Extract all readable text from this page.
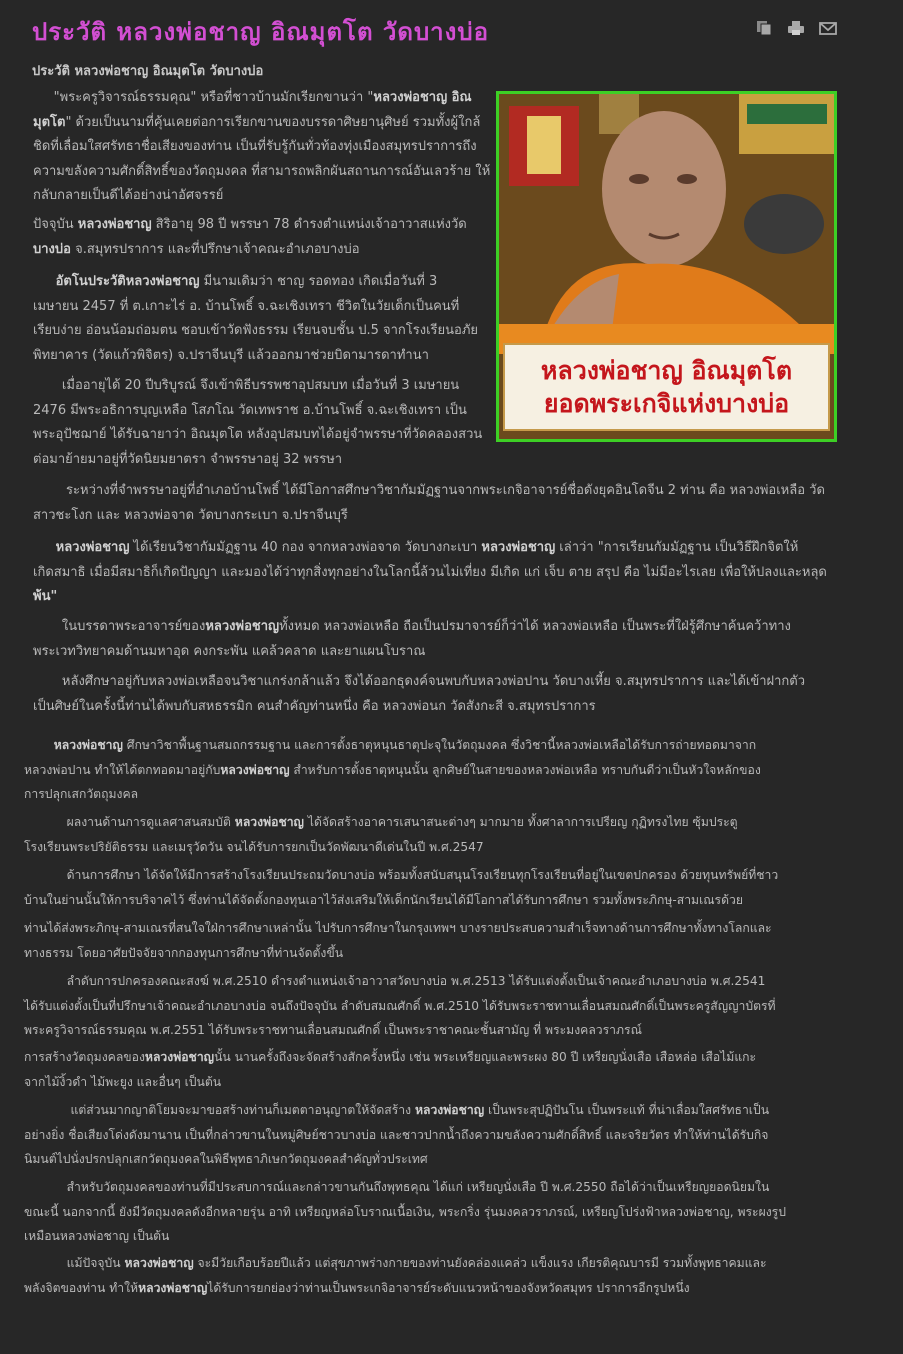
ประวัติ หลวงพ่อชาญ อิณมุตโต วัดบางบ่อ
ประวัติ หลวงพ่อชาญ อิณมุตโต วัดบางบ่อ
หลวงพ่อชาญ อิณมุตโต
ยอดพระเกจิแห่งบางบ่อ
"พระครูวิจารณ์ธรรมคุณ" หรือที่ชาวบ้านมักเรียกขานว่า "หลวงพ่อชาญ อิณ
มุตโต" ด้วยเป็นนามที่คุ้นเคยต่อการเรียกขานของบรรดาศิษยานุศิษย์ รวมทั้งผู้ใกล้
ชิดที่เลื่อมใสศรัทธาชื่อเสียงของท่าน เป็นที่รับรู้กันทั่วท้องทุ่งเมืองสมุทรปราการถึง
ความขลังความศักดิ์สิทธิ์ของวัตถุมงคล ที่สามารถพลิกผันสถานการณ์อันเลวร้าย ให้
กลับกลายเป็นดีได้อย่างน่าอัศจรรย์
ปัจจุบัน หลวงพ่อชาญ สิริอายุ 98 ปี พรรษา 78 ดำรงตำแหน่งเจ้าอาวาสแห่งวัด
บางบ่อ จ.สมุทรปราการ และที่ปรึกษาเจ้าคณะอำเภอบางบ่อ
อัตโนประวัติหลวงพ่อชาญ มีนามเดิมว่า ชาญ รอดทอง เกิดเมื่อวันที่ 3
เมษายน 2457 ที่ ต.เกาะไร่ อ. บ้านโพธิ์ จ.ฉะเชิงเทรา ชีวิตในวัยเด็กเป็นคนที่
เรียบง่าย อ่อนน้อมถ่อมตน ชอบเข้าวัดฟังธรรม เรียนจบชั้น ป.5 จากโรงเรียนอภัย
พิทยาคาร (วัดแก้วพิจิตร) จ.ปราจีนบุรี แล้วออกมาช่วยบิดามารดาทำนา
เมื่ออายุได้ 20 ปีบริบูรณ์ จึงเข้าพิธีบรรพชาอุปสมบท เมื่อวันที่ 3 เมษายน
2476 มีพระอธิการบุญเหลือ โสภโณ วัดเทพราช อ.บ้านโพธิ์ จ.ฉะเชิงเทรา เป็น
พระอุปัชฌาย์ ได้รับฉายาว่า อิณมุตโต หลังอุปสมบทได้อยู่จำพรรษาที่วัดคลองสวน
ต่อมาย้ายมาอยู่ที่วัดนิยมยาตรา จำพรรษาอยู่ 32 พรรษา
ระหว่างที่จำพรรษาอยู่ที่อำเภอบ้านโพธิ์ ได้มีโอกาสศึกษาวิชากัมมัฏฐานจากพระเกจิอาจารย์ชื่อดังยุคอินโดจีน 2 ท่าน คือ หลวงพ่อเหลือ วัด
สาวชะโงก และ หลวงพ่อจาด วัดบางกระเบา จ.ปราจีนบุรี
หลวงพ่อชาญ ได้เรียนวิชากัมมัฏฐาน 40 กอง จากหลวงพ่อจาด วัดบางกะเบา หลวงพ่อชาญ เล่าว่า "การเรียนกัมมัฏฐาน เป็นวิธีฝึกจิตให้
เกิดสมาธิ เมื่อมีสมาธิก็เกิดปัญญา และมองได้ว่าทุกสิ่งทุกอย่างในโลกนี้ล้วนไม่เที่ยง มีเกิด แก่ เจ็บ ตาย สรุป คือ ไม่มีอะไรเลย เพื่อให้ปลงและหลุด
พ้น"
ในบรรดาพระอาจารย์ของหลวงพ่อชาญทั้งหมด หลวงพ่อเหลือ ถือเป็นปรมาจารย์ก็ว่าได้ หลวงพ่อเหลือ เป็นพระที่ใฝ่รู้ศึกษาค้นคว้าทาง
พระเวทวิทยาคมด้านมหาอุด คงกระพัน แคล้วคลาด และยาแผนโบราณ
หลังศึกษาอยู่กับหลวงพ่อเหลือจนวิชาแกร่งกล้าแล้ว จึงได้ออกธุดงค์จนพบกับหลวงพ่อปาน วัดบางเหี้ย จ.สมุทรปราการ และได้เข้าฝากตัว
เป็นศิษย์ในครั้งนี้ท่านได้พบกับสหธรรมิก คนสำคัญท่านหนึ่ง คือ หลวงพ่อนก วัดสังกะสี จ.สมุทรปราการ
หลวงพ่อชาญ ศึกษาวิชาพื้นฐานสมถกรรมฐาน และการตั้งธาตุหนุนธาตุปะจุในวัตถุมงคล ซึ่งวิชานี้หลวงพ่อเหลือได้รับการถ่ายทอดมาจาก
หลวงพ่อปาน ทำให้ได้ตกทอดมาอยู่กับหลวงพ่อชาญ สำหรับการตั้งธาตุหนุนนั้น ลูกศิษย์ในสายของหลวงพ่อเหลือ ทราบกันดีว่าเป็นหัวใจหลักของ
การปลุกเสกวัตถุมงคล
ผลงานด้านการดูแลศาสนสมบัติ หลวงพ่อชาญ ได้จัดสร้างอาคารเสนาสนะต่างๆ มากมาย ทั้งศาลาการเปรียญ กุฏิทรงไทย ซุ้มประตู
โรงเรียนพระปริยัติธรรม และเมรุวัดวัน จนได้รับการยกเป็นวัดพัฒนาดีเด่นในปี พ.ศ.2547
ด้านการศึกษา ได้จัดให้มีการสร้างโรงเรียนประถมวัดบางบ่อ พร้อมทั้งสนับสนุนโรงเรียนทุกโรงเรียนที่อยู่ในเขตปกครอง ด้วยทุนทรัพย์ที่ชาว
บ้านในย่านนั้นให้การบริจาคไว้ ซึ่งท่านได้จัดตั้งกองทุนเอาไว้ส่งเสริมให้เด็กนักเรียนได้มีโอกาสได้รับการศึกษา รวมทั้งพระภิกษุ-สามเณรด้วย
ท่านได้ส่งพระภิกษุ-สามเณรที่สนใจใฝ่การศึกษาเหล่านั้น ไปรับการศึกษาในกรุงเทพฯ บางรายประสบความสำเร็จทางด้านการศึกษาทั้งทางโลกและ
ทางธรรม โดยอาศัยปัจจัยจากกองทุนการศึกษาที่ท่านจัดตั้งขึ้น
ลำดับการปกครองคณะสงฆ์ พ.ศ.2510 ดำรงตำแหน่งเจ้าอาวาสวัดบางบ่อ พ.ศ.2513 ได้รับแต่งตั้งเป็นเจ้าคณะอำเภอบางบ่อ พ.ศ.2541
ได้รับแต่งตั้งเป็นที่ปรึกษาเจ้าคณะอำเภอบางบ่อ จนถึงปัจจุบัน ลำดับสมณศักดิ์ พ.ศ.2510 ได้รับพระราชทานเลื่อนสมณศักดิ์เป็นพระครูสัญญาบัตรที่
พระครูวิจารณ์ธรรมคุณ พ.ศ.2551 ได้รับพระราชทานเลื่อนสมณศักดิ์ เป็นพระราชาคณะชั้นสามัญ ที่ พระมงคลวราภรณ์
การสร้างวัตถุมงคลของหลวงพ่อชาญนั้น นานครั้งถึงจะจัดสร้างสักครั้งหนึ่ง เช่น พระเหรียญและพระผง 80 ปี เหรียญนั่งเสือ เสือหล่อ เสือไม้แกะ
จากไม้งิ้วดำ ไม้พะยูง และอื่นๆ เป็นต้น
แต่ส่วนมากญาติโยมจะมาขอสร้างท่านก็เมตตาอนุญาตให้จัดสร้าง หลวงพ่อชาญ เป็นพระสุปฏิปันโน เป็นพระแท้ ที่น่าเลื่อมใสศรัทธาเป็น
อย่างยิ่ง ชื่อเสียงโด่งดังมานาน เป็นที่กล่าวขานในหมู่ศิษย์ชาวบางบ่อ และชาวปากน้ำถึงความขลังความศักดิ์สิทธิ์ และจริยวัตร ทำให้ท่านได้รับกิจ
นิมนต์ไปนั่งปรกปลุกเสกวัตถุมงคลในพิธีพุทธาภิเษกวัตถุมงคลสำคัญทั่วประเทศ
สำหรับวัตถุมงคลของท่านที่มีประสบการณ์และกล่าวขานกันถึงพุทธคุณ ได้แก่ เหรียญนั่งเสือ ปี พ.ศ.2550 ถือได้ว่าเป็นเหรียญยอดนิยมใน
ขณะนี้ นอกจากนี้ ยังมีวัตถุมงคลดังอีกหลายรุ่น อาทิ เหรียญหล่อโบราณเนื้อเงิน, พระกริ่ง รุ่นมงคลวราภรณ์, เหรียญโปร่งฟ้าหลวงพ่อชาญ, พระผงรูป
เหมือนหลวงพ่อชาญ เป็นต้น
แม้ปัจจุบัน หลวงพ่อชาญ จะมีวัยเกือบร้อยปีแล้ว แต่สุขภาพร่างกายของท่านยังคล่องแคล่ว แข็งแรง เกียรติคุณบารมี รวมทั้งพุทธาคมและ
พลังจิตของท่าน ทำให้หลวงพ่อชาญได้รับการยกย่องว่าท่านเป็นพระเกจิอาจารย์ระดับแนวหน้าของจังหวัดสมุทร ปราการอีกรูปหนึ่ง
